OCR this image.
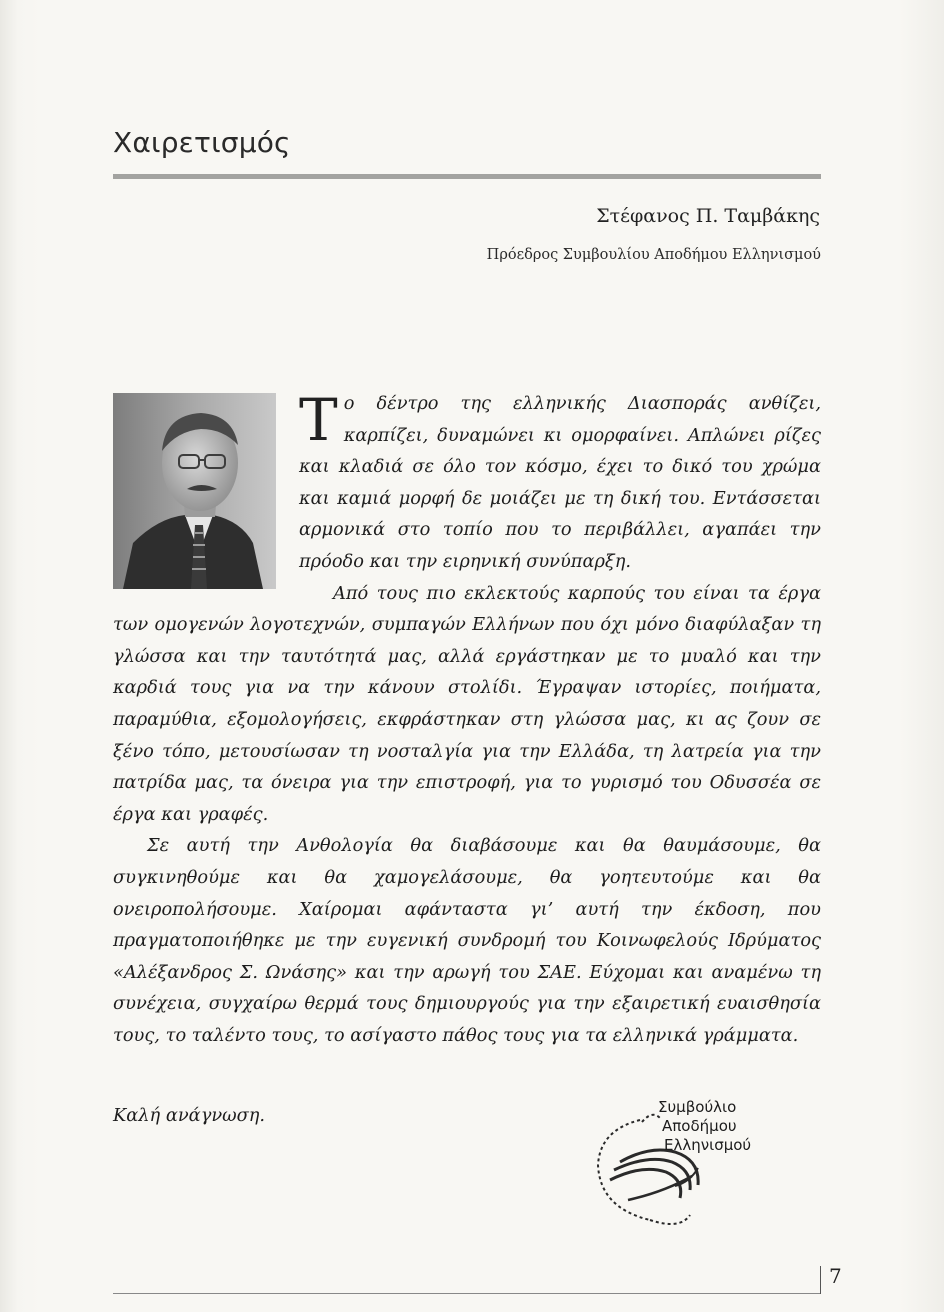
Χαιρετισμός
Στέφανος Π. Ταμβάκης
Πρόεδρος Συμβουλίου Αποδήμου Ελληνισμού

Το δέντρο της ελληνικής Διασποράς ανθίζει, καρπίζει, δυναμώνει κι ομορφαίνει. Απλώνει ρίζες και κλαδιά σε όλο τον κόσμο, έχει το δικό του χρώμα και καμιά μορφή δε μοιάζει με τη δική του. Εντάσσεται αρμονικά στο τοπίο που το περιβάλλει, αγαπάει την πρόοδο και την ειρηνική συνύπαρξη.

Από τους πιο εκλεκτούς καρπούς του είναι τα έργα των ομογενών λογοτεχνών, συμπαγών Ελλήνων που όχι μόνο διαφύλαξαν τη γλώσσα και την ταυτότητά μας, αλλά εργάστηκαν με το μυαλό και την καρδιά τους για να την κάνουν στολίδι. Έγραψαν ιστορίες, ποιήματα, παραμύθια, εξομολογήσεις, εκφράστηκαν στη γλώσσα μας, κι ας ζουν σε ξένο τόπο, μετουσίωσαν τη νοσταλγία για την Ελλάδα, τη λατρεία για την πατρίδα μας, τα όνειρα για την επιστροφή, για το γυρισμό του Οδυσσέα σε έργα και γραφές.

Σε αυτή την Ανθολογία θα διαβάσουμε και θα θαυμάσουμε, θα συγκινηθούμε και θα χαμογελάσουμε, θα γοητευτούμε και θα ονειροπολήσουμε. Χαίρομαι αφάνταστα γι’ αυτή την έκδοση, που πραγματοποιήθηκε με την ευγενική συνδρομή του Κοινωφελούς Ιδρύματος «Αλέξανδρος Σ. Ωνάσης» και την αρωγή του ΣΑΕ. Εύχομαι και αναμένω τη συνέχεια, συγχαίρω θερμά τους δημιουργούς για την εξαιρετική ευαισθησία τους, το ταλέντο τους, το ασίγαστο πάθος τους για τα ελληνικά γράμματα.

Καλή ανάγνωση.	Συμβούλιο
Αποδήμου
Ελληνισμού
7
